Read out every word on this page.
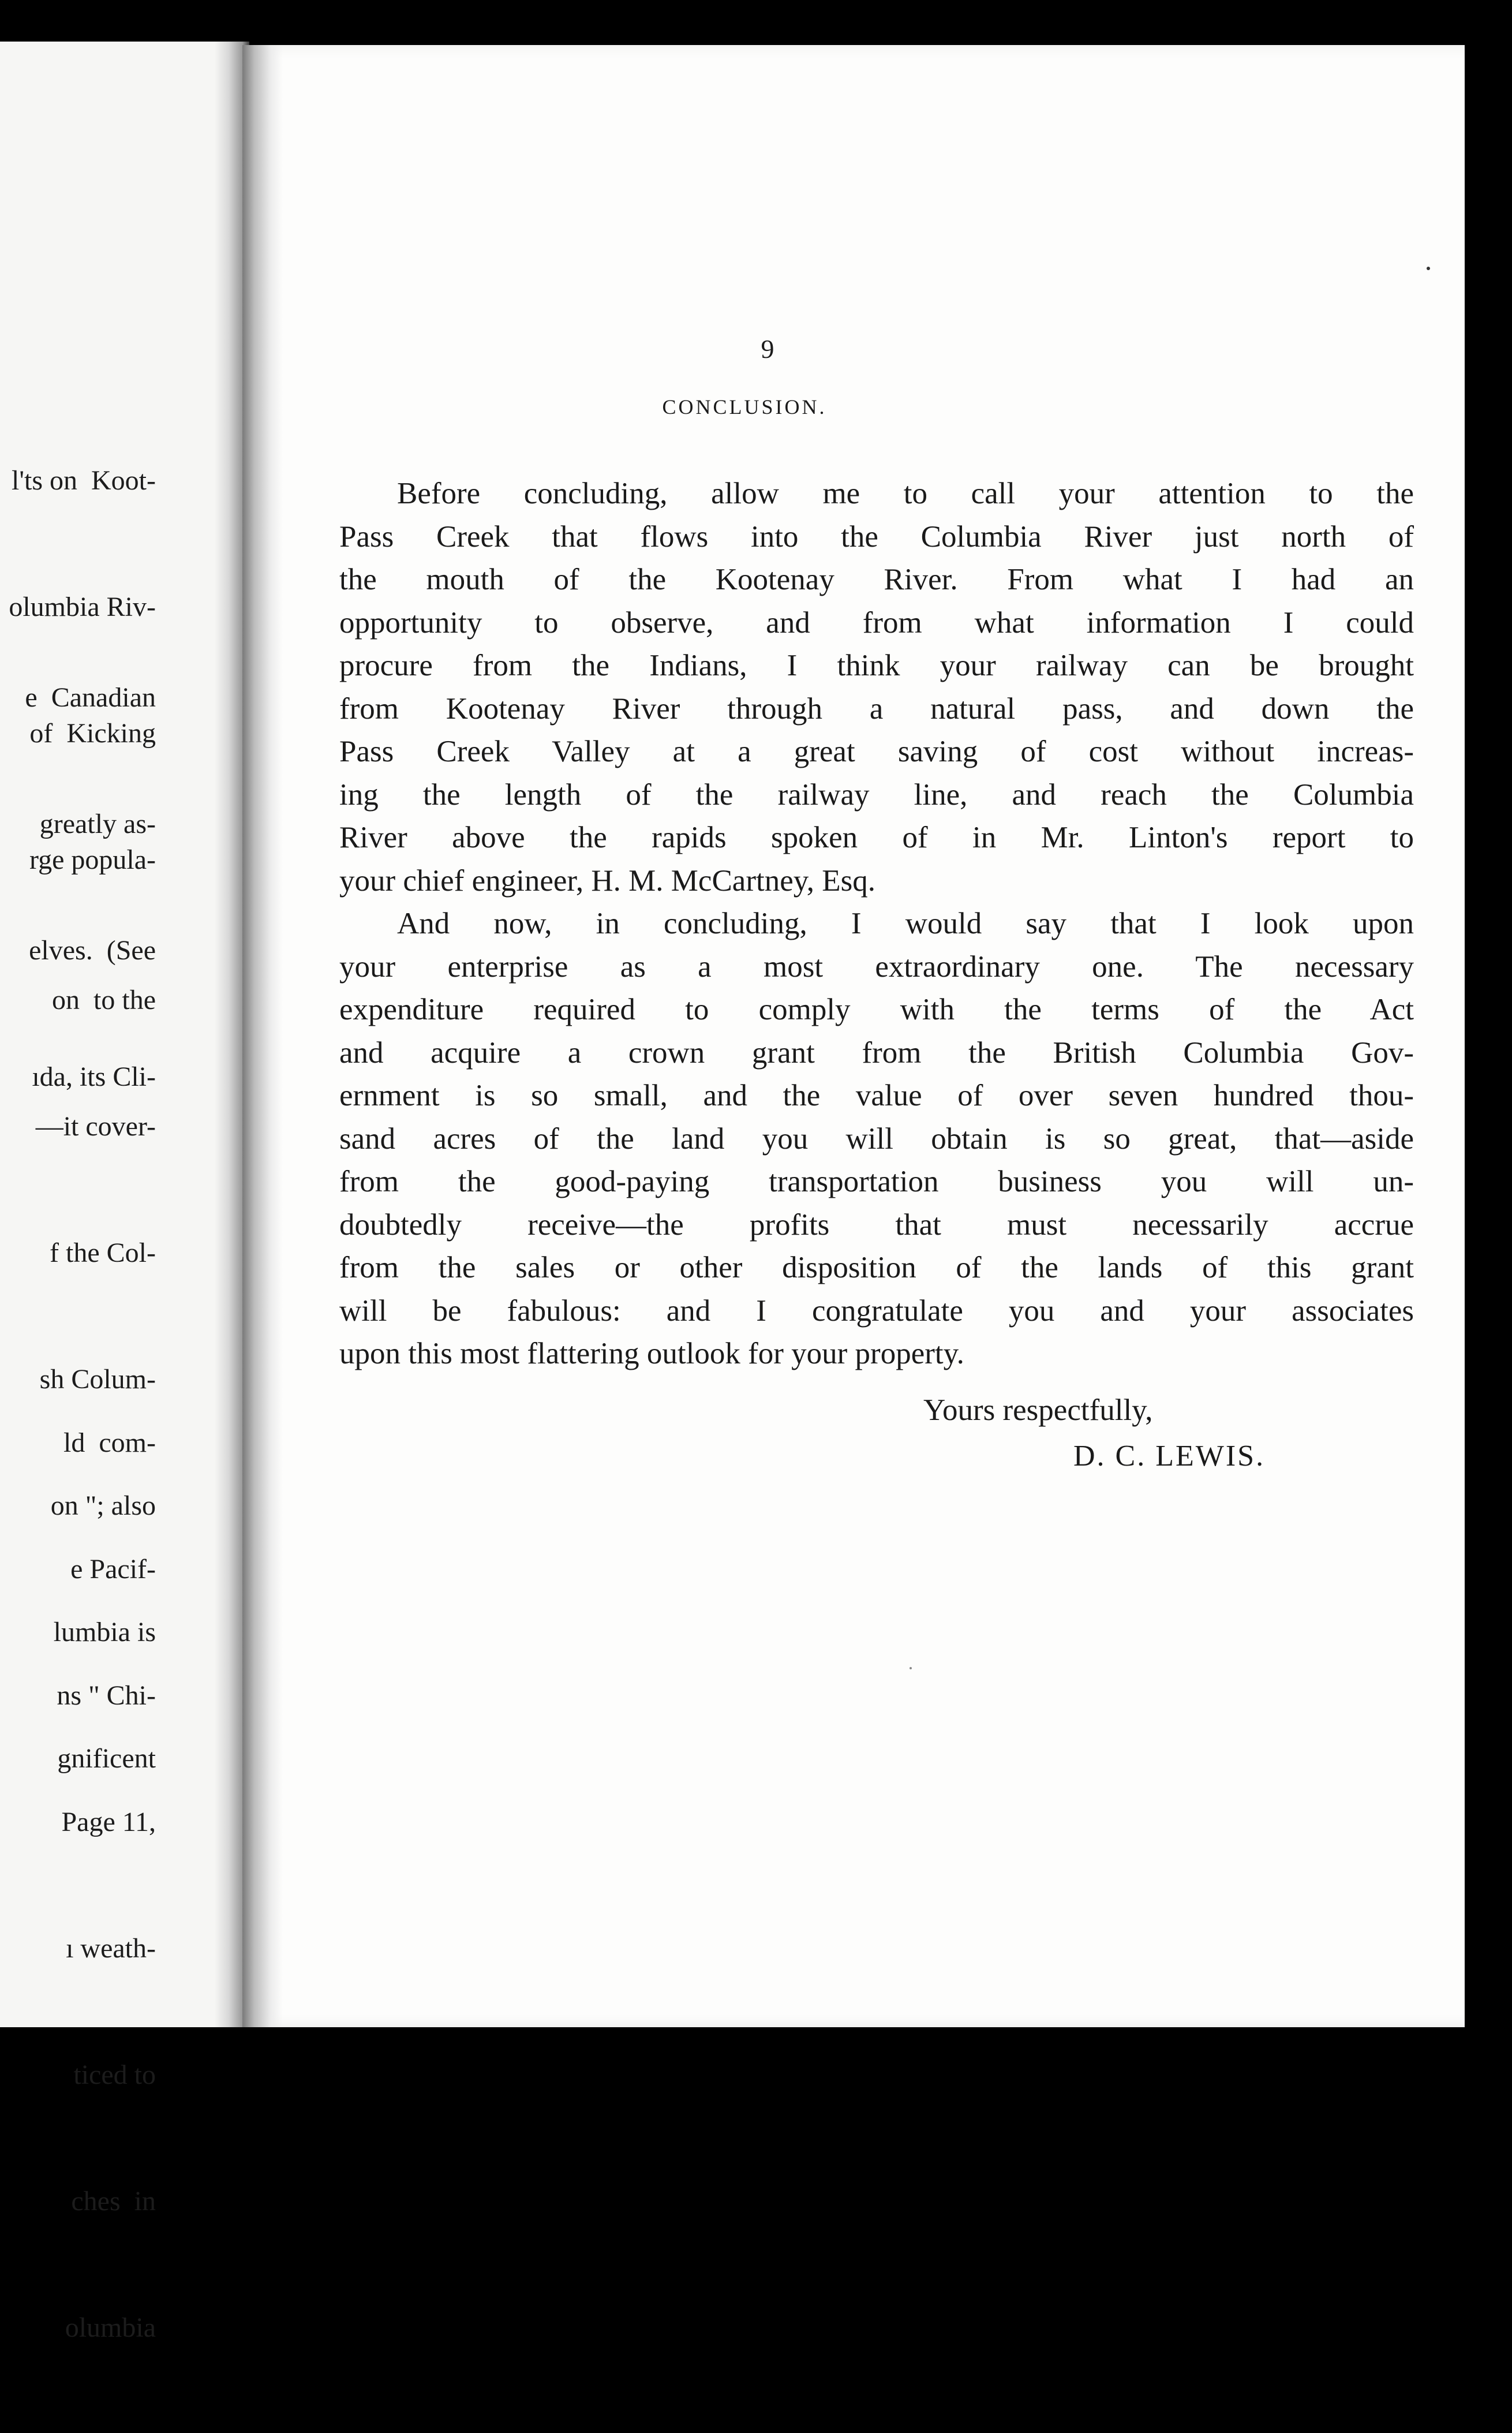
l'ts on  Koot-

olumbia Riv-

of  Kicking

rge popula-

e  Canadian

greatly as-

elves.  (See

ıda, its Cli-

on  to the

—it cover-

f the Col-

sh Colum-

on "; also

lumbia is

gnificent

ld  com-

e Pacif-

ns " Chi-

Page 11,

ı weath-

ticed to

ches  in

olumbia

9
CONCLUSION.
Before concluding, allow me to call your attention to the
Pass Creek that flows into the Columbia River just north of
the mouth of the Kootenay River. From what I had an
opportunity to observe, and from what information I could
procure from the Indians, I think your railway can be brought
from Kootenay River through a natural pass, and down the
Pass Creek Valley at a great saving of cost without increas-
ing the length of the railway line, and reach the Columbia
River above the rapids spoken of in Mr. Linton's report to
your chief engineer, H. M. McCartney, Esq.
And now, in concluding, I would say that I look upon
your enterprise as a most extraordinary one. The necessary
expenditure required to comply with the terms of the Act
and acquire a crown grant from the British Columbia Gov-
ernment is so small, and the value of over seven hundred thou-
sand acres of the land you will obtain is so great, that—aside
from the good-paying transportation business you will un-
doubtedly receive—the profits that must necessarily accrue
from the sales or other disposition of the lands of this grant
will be fabulous: and I congratulate you and your associates
upon this most flattering outlook for your property.
Yours respectfully,
D. C. LEWIS.
